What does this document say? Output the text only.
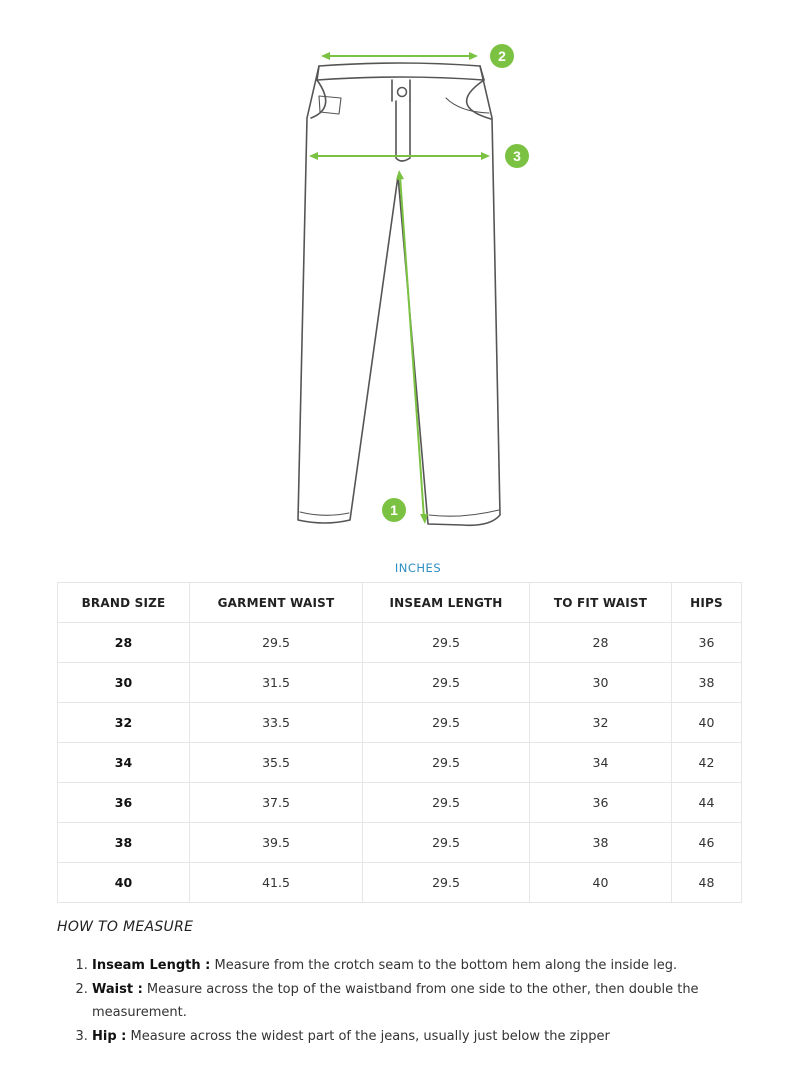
2
3
1
INCHES
BRAND SIZE	GARMENT WAIST	INSEAM LENGTH	TO FIT WAIST	HIPS
28	29.5	29.5	28	36
30	31.5	29.5	30	38
32	33.5	29.5	32	40
34	35.5	29.5	34	42
36	37.5	29.5	36	44
38	39.5	29.5	38	46
40	41.5	29.5	40	48
HOW TO MEASURE
1. Inseam Length : Measure from the crotch seam to the bottom hem along the inside leg.
2. Waist : Measure across the top of the waistband from one side to the other, then double the measurement.
3. Hip : Measure across the widest part of the jeans, usually just below the zipper
